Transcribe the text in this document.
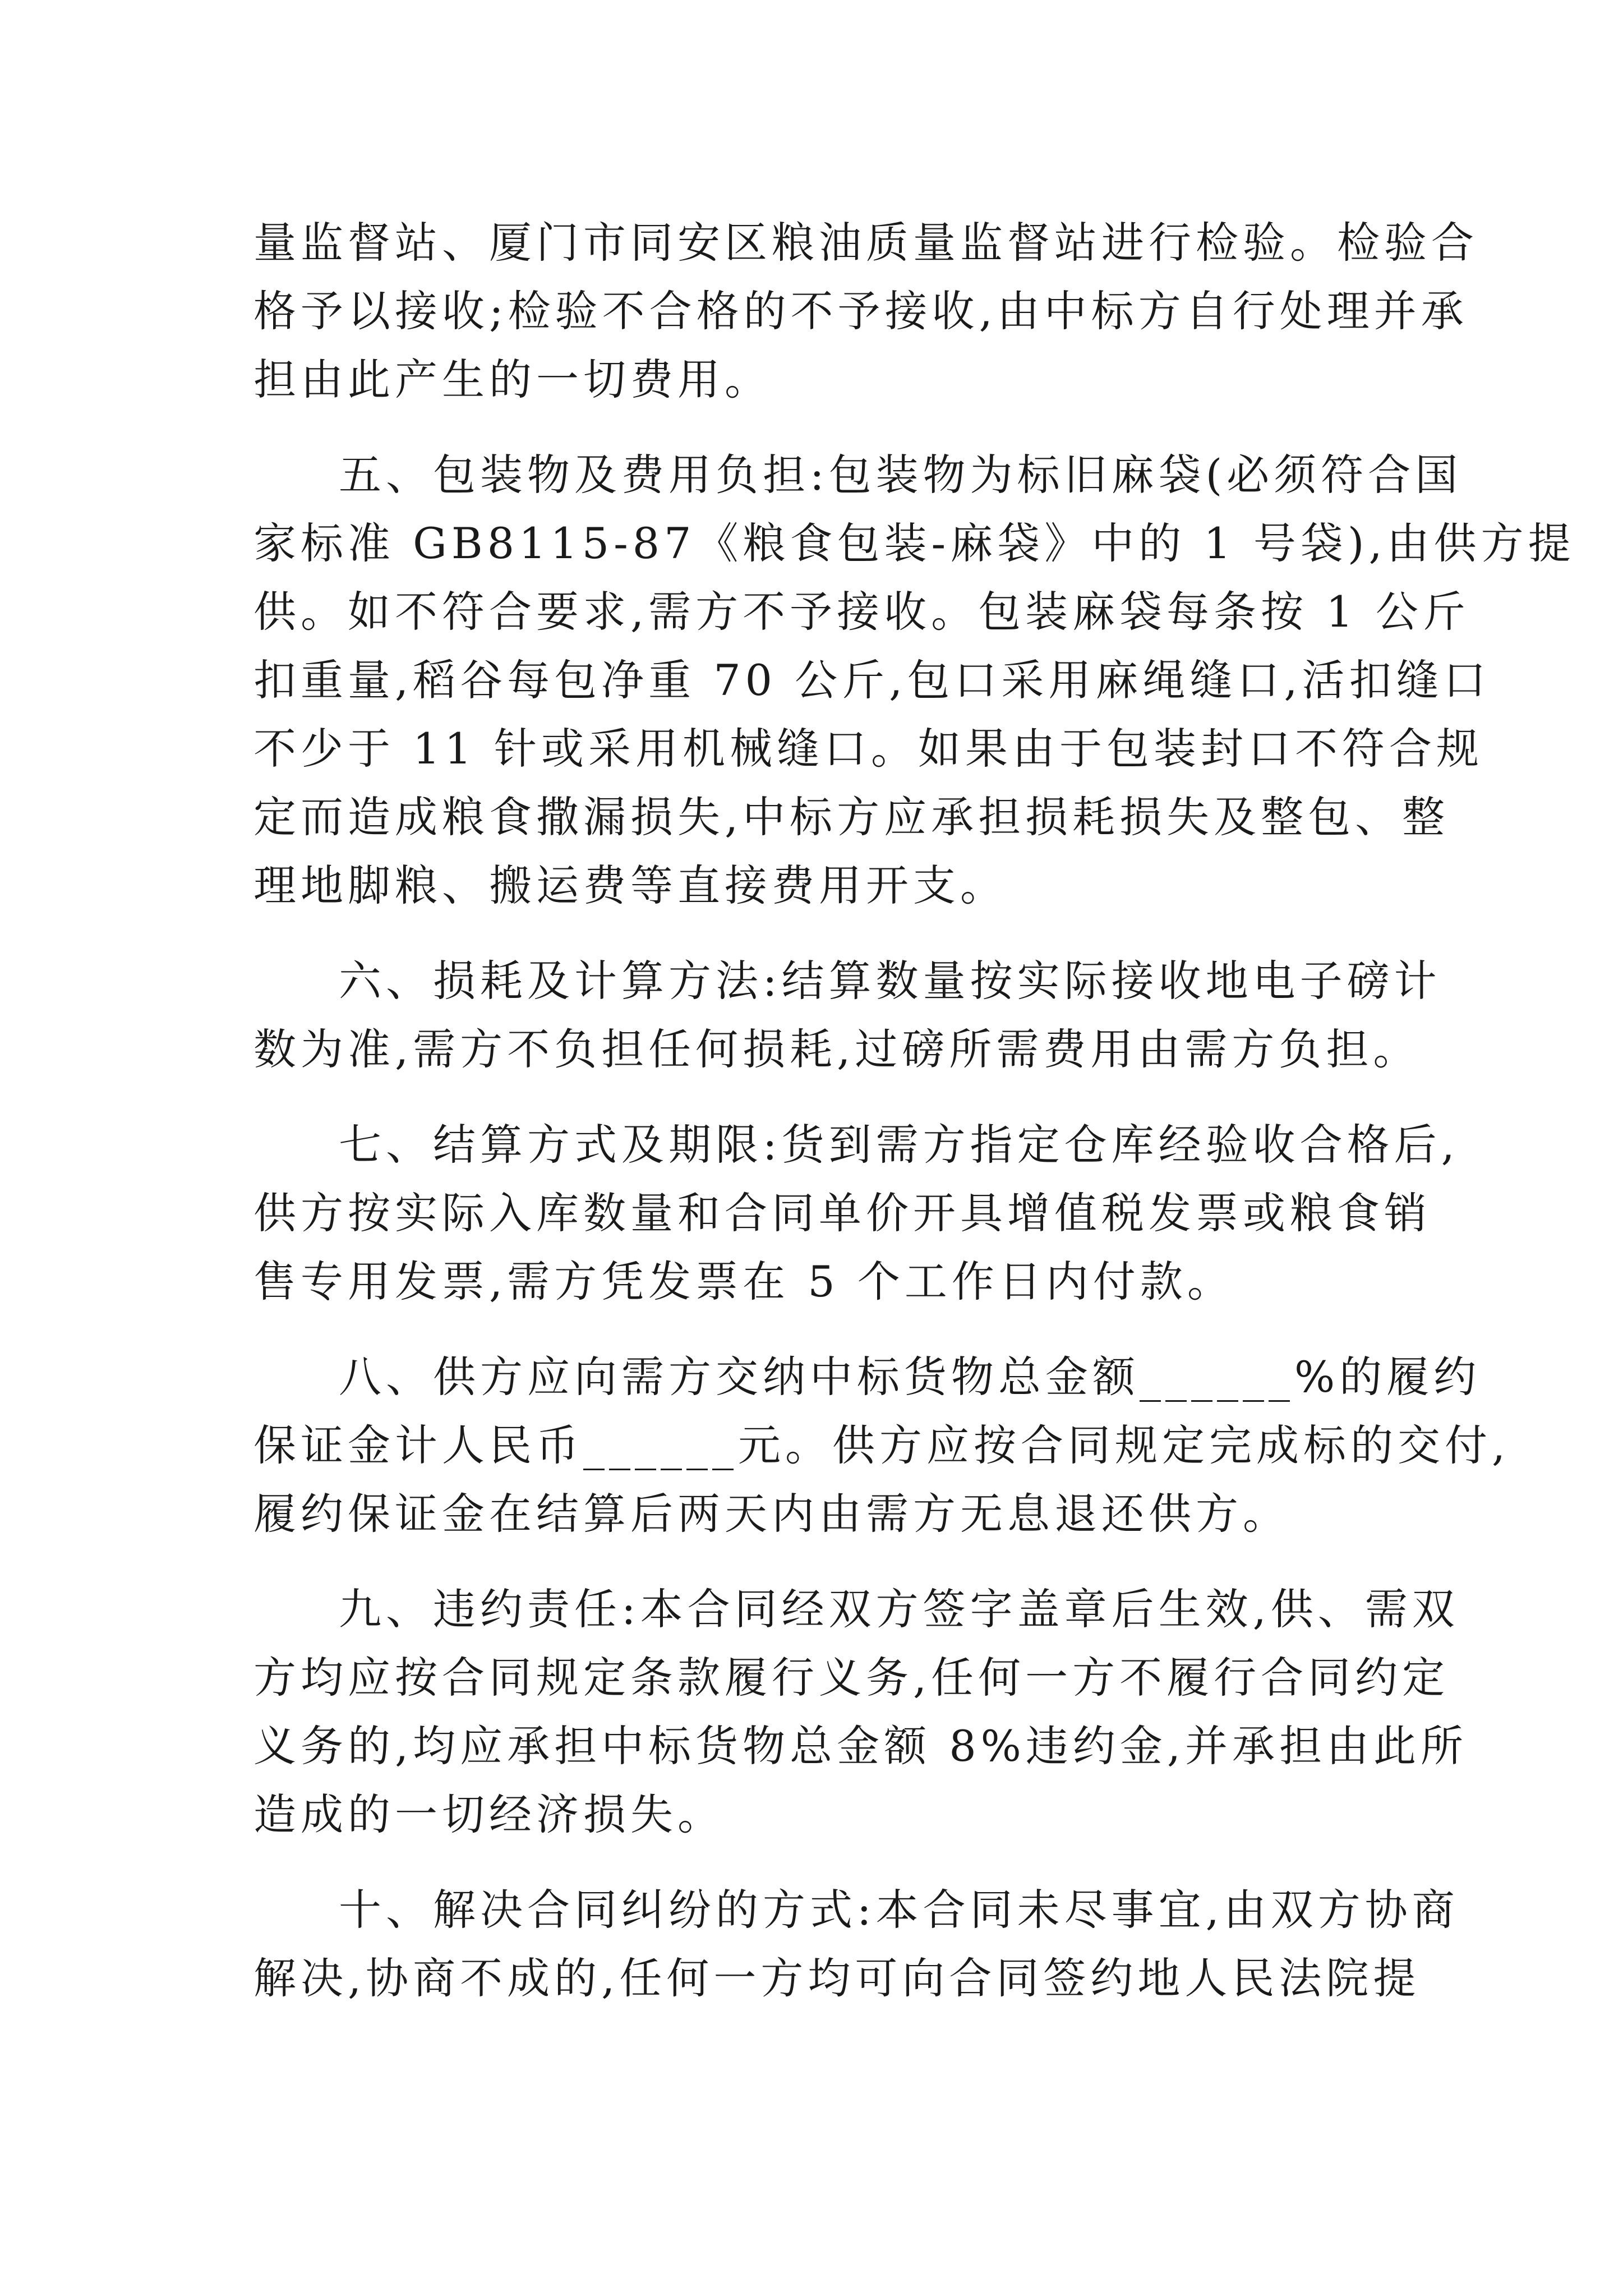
量监督站、厦门市同安区粮油质量监督站进行检验。检验合
格予以接收;检验不合格的不予接收,由中标方自行处理并承
担由此产生的一切费用。
五、包装物及费用负担:包装物为标旧麻袋(必须符合国
家标准 GB8115-87《粮食包装-麻袋》中的 1 号袋),由供方提
供。如不符合要求,需方不予接收。包装麻袋每条按 1 公斤
扣重量,稻谷每包净重 70 公斤,包口采用麻绳缝口,活扣缝口
不少于 11 针或采用机械缝口。如果由于包装封口不符合规
定而造成粮食撒漏损失,中标方应承担损耗损失及整包、整
理地脚粮、搬运费等直接费用开支。
六、损耗及计算方法:结算数量按实际接收地电子磅计
数为准,需方不负担任何损耗,过磅所需费用由需方负担。
七、结算方式及期限:货到需方指定仓库经验收合格后,
供方按实际入库数量和合同单价开具增值税发票或粮食销
售专用发票,需方凭发票在 5 个工作日内付款。
八、供方应向需方交纳中标货物总金额______%的履约
保证金计人民币______元。供方应按合同规定完成标的交付,
履约保证金在结算后两天内由需方无息退还供方。
九、违约责任:本合同经双方签字盖章后生效,供、需双
方均应按合同规定条款履行义务,任何一方不履行合同约定
义务的,均应承担中标货物总金额 8%违约金,并承担由此所
造成的一切经济损失。
十、解决合同纠纷的方式:本合同未尽事宜,由双方协商
解决,协商不成的,任何一方均可向合同签约地人民法院提
